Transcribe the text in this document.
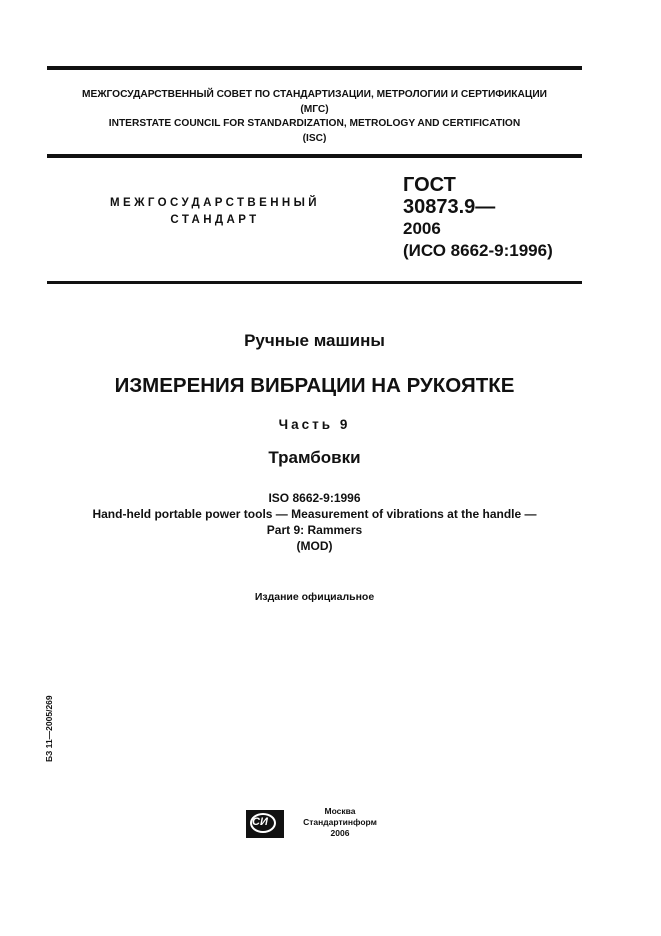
МЕЖГОСУДАРСТВЕННЫЙ СОВЕТ ПО СТАНДАРТИЗАЦИИ, МЕТРОЛОГИИ И СЕРТИФИКАЦИИ
(МГС)
INTERSTATE COUNCIL FOR STANDARDIZATION, METROLOGY AND CERTIFICATION
(ISC)
МЕЖГОСУДАРСТВЕННЫЙ
СТАНДАРТ
ГОСТ
30873.9—
2006
(ИСО 8662-9:1996)
Ручные машины
ИЗМЕРЕНИЯ ВИБРАЦИИ НА РУКОЯТКЕ
Часть 9
Трамбовки
ISO 8662-9:1996
Hand-held portable power tools — Measurement of vibrations at the handle —
Part 9: Rammers
(MOD)
Издание официальное
БЗ 11—2005/269
СИ
Москва
Стандартинформ
2006
